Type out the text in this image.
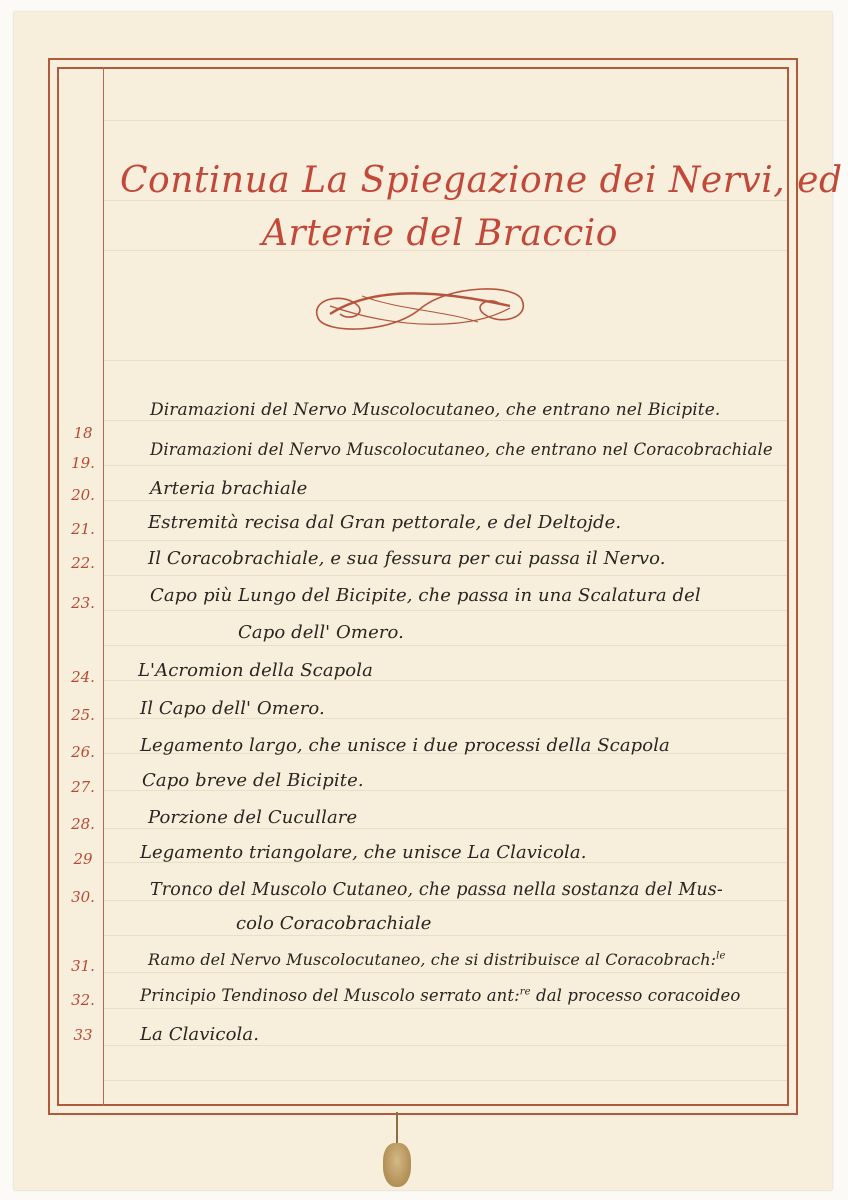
Continua La Spiegazione dei Nervi, ed
Arterie del Braccio
18
19.
20.
21.
22.
23.
24.
25.
26.
27.
28.
29
30.
31.
32.
33
Diramazioni del Nervo Muscolocutaneo, che entrano nel Bicipite.
Diramazioni del Nervo Muscolocutaneo, che entrano nel Coracobrachiale
Arteria brachiale
Estremità recisa dal Gran pettorale, e del Deltojde.
Il Coracobrachiale, e sua fessura per cui passa il Nervo.
Capo più Lungo del Bicipite, che passa in una Scalatura del
Capo dell' Omero.
L'Acromion della Scapola
Il Capo dell' Omero.
Legamento largo, che unisce i due processi della Scapola
Capo breve del Bicipite.
Porzione del Cucullare
Legamento triangolare, che unisce La Clavicola.
Tronco del Muscolo Cutaneo, che passa nella sostanza del Mus-
colo Coracobrachiale
Ramo del Nervo Muscolocutaneo, che si distribuisce al Coracobrach:$^{le}$
Principio Tendinoso del Muscolo serrato ant:$^{re}$ dal processo coracoideo
La Clavicola.
